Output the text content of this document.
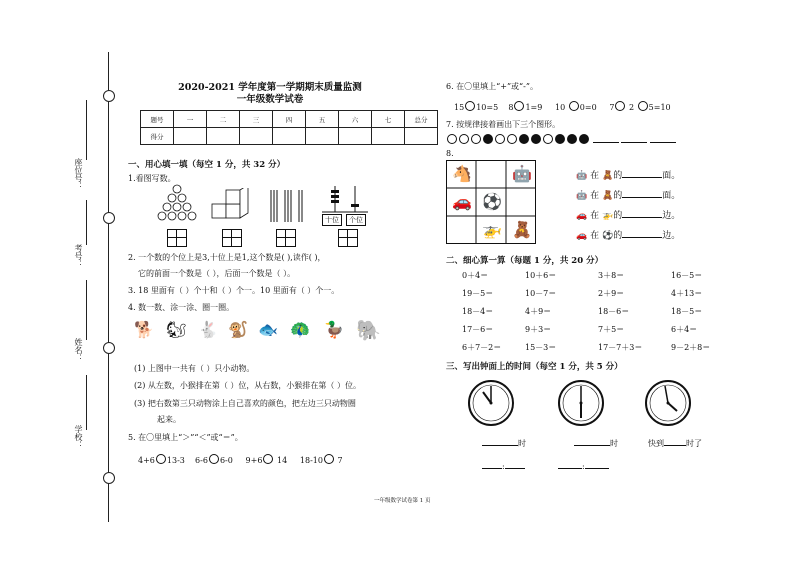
座位号：
考号：
姓名：
学校：
2020-2021 学年度第一学期期末质量监测
一年级数学试卷
题号	一	二	三	四	五	六	七	总分
得分								
一、用心填一填（每空 1 分，共 32 分）
1.看图写数。
十位	个位
2. 一个数的个位上是3,十位上是1,这个数是( ),读作( )，
它的前面一个数是（ ），后面一个数是（ ）。
3. 18 里面有（ ）个十和（ ）个一。10 里面有（ ）个一。
4. 数一数、涂一涂、圈一圈。
🐕 🐿 🐇 🐒 🐟 🦚 🦆 🐘
(1) 上图中一共有（ ）只小动物。
(2) 从左数，小猴排在第（ ）位，从右数，小猴排在第（ ）位。
(3) 把右数第三只动物涂上自己喜欢的颜色，把左边三只动物圈
起来。
5. 在〇里填上“＞”“＜”或“＝”。
4+6 13-3 6-6 6-0 9+6 14 18-10 7
6. 在〇里填上“+”或“-”。
15 10=5 8 1=9 10 0=0 7 2 5=10
7. 按规律接着画出下三个图形。

8.
🐴	🤖
🚗 ⚽
🚁 🧸
🤖 在 🧸的	面。
🤖 在 🧸的	面。
🚗 在 🚁的	边。
🚗 在 ⚽的	边。
二、细心算一算（每题 1 分，共 20 分）
0＋4＝	10＋6＝	3＋8＝	16－5＝
19－5＝	10－7＝	2＋9＝	4＋13＝
18－4＝	4＋9＝	18－6＝	18－5＝
17－6＝	9＋3＝	7＋5＝	6＋4＝
6＋7－2＝	15－3＝	17－7＋3＝	9－2＋8＝
三、写出钟面上的时间（每空 1 分，共 5 分）
时	时	快到	时了
:	:
一年级数学试卷第 1 页
